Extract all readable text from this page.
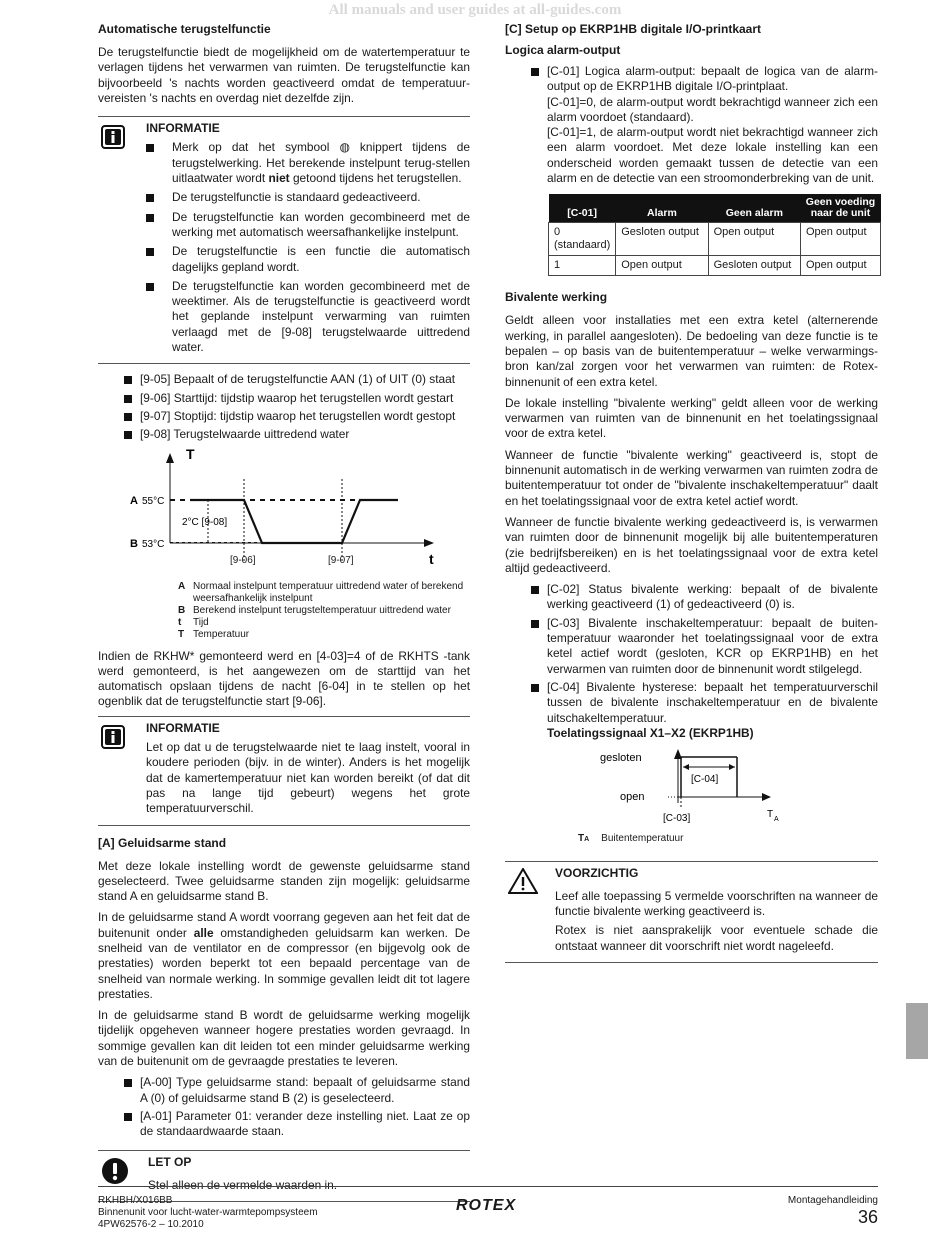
All manuals and user guides at all-guides.com
Automatische terugstelfunctie

De terugstelfunctie biedt de mogelijkheid om de watertemperatuur te verlagen tijdens het verwarmen van ruimten. De terugstelfunctie kan bijvoorbeeld 's nachts worden geactiveerd omdat de temperatuur-vereisten 's nachts en overdag niet dezelfde zijn.

INFORMATIE
Merk op dat het symbool ◍ knippert tijdens de terugstelwerking. Het berekende instelpunt terug-stellen uitlaatwater wordt niet getoond tijdens het terugstellen.
De terugstelfunctie is standaard gedeactiveerd.
De terugstelfunctie kan worden gecombineerd met de werking met automatisch weersafhankelijke instelpunt.
De terugstelfunctie is een functie die automatisch dagelijks gepland wordt.
De terugstelfunctie kan worden gecombineerd met de weektimer. Als de terugstelfunctie is geactiveerd wordt het geplande instelpunt verwarming van ruimten verlaagd met de [9-08] terugstelwaarde uittredend water.
[9-05] Bepaalt of de terugstelfunctie AAN (1) of UIT (0) staat
[9-06] Starttijd: tijdstip waarop het terugstellen wordt gestart
[9-07] Stoptijd: tijdstip waarop het terugstellen wordt gestopt
[9-08] Terugstelwaarde uittredend water
T
t
A 55°C
B 53°C
2°C [9-08]
[9-06]	[9-07]
A Normaal instelpunt temperatuur uittredend water of berekend weersafhankelijk instelpunt
B Berekend instelpunt terugsteltemperatuur uittredend water
t	Tijd
T Temperatuur

Indien de RKHW* gemonteerd werd en [4-03]=4 of de RKHTS -tank werd gemonteerd, is het aangewezen om de starttijd van het automatisch opslaan tijdens de nacht [6-04] in te stellen op het ogenblik dat de terugstelfunctie start [9-06].

INFORMATIE

Let op dat u de terugstelwaarde niet te laag instelt, vooral in koudere perioden (bijv. in de winter). Anders is het mogelijk dat de kamertemperatuur niet kan worden bereikt (of dat dit pas na lange tijd gebeurt) wegens het grote temperatuurverschil.

[A] Geluidsarme stand

Met deze lokale instelling wordt de gewenste geluidsarme stand geselecteerd. Twee geluidsarme standen zijn mogelijk: geluidsarme stand A en geluidsarme stand B.

In de geluidsarme stand A wordt voorrang gegeven aan het feit dat de buitenunit onder alle omstandigheden geluidsarm kan werken. De snelheid van de ventilator en de compressor (en bijgevolg ook de prestaties) worden beperkt tot een bepaald percentage van de snelheid van normale werking. In sommige gevallen leidt dit tot lagere prestaties.

In de geluidsarme stand B wordt de geluidsarme werking mogelijk tijdelijk opgeheven wanneer hogere prestaties worden gevraagd. In sommige gevallen kan dit leiden tot een minder geluidsarme werking van de buitenunit om de gevraagde prestaties te leveren.

[A-00] Type geluidsarme stand: bepaalt of geluidsarme stand A (0) of geluidsarme stand B (2) is geselecteerd.
[A-01] Parameter 01: verander deze instelling niet. Laat ze op de standaardwaarde staan.
LET OP

Stel alleen de vermelde waarden in.

[C] Setup op EKRP1HB digitale I/O-printkaart
Logica alarm-output
[C-01] Logica alarm-output: bepaalt de logica van de alarm-output op de EKRP1HB digitale I/O-printplaat.

[C-01]=0, de alarm-output wordt bekrachtigd wanneer zich een alarm voordoet (standaard).

[C-01]=1, de alarm-output wordt niet bekrachtigd wanneer zich een alarm voordoet. Met deze lokale instelling kan een onderscheid worden gemaakt tussen de detectie van een alarm en de detectie van een stroomonderbreking van de unit.

[C-01]	Alarm	Geen alarm	Geen voeding naar de unit
0 (standaard)	Gesloten output	Open output	Open output
1	Open output	Gesloten output	Open output
Bivalente werking

Geldt alleen voor installaties met een extra ketel (alternerende werking, in parallel aangesloten). De bedoeling van deze functie is te bepalen – op basis van de buitentemperatuur – welke verwarmings-bron kan/zal zorgen voor het verwarmen van ruimten: de Rotex-binnenunit of een extra ketel.

De lokale instelling "bivalente werking" geldt alleen voor de werking verwarmen van ruimten van de binnenunit en het toelatingssignaal voor de extra ketel.

Wanneer de functie "bivalente werking" geactiveerd is, stopt de binnenunit automatisch in de werking verwarmen van ruimten zodra de buitentemperatuur tot onder de "bivalente inschakeltemperatuur" daalt en het toelatingssignaal voor de extra ketel actief wordt.

Wanneer de functie bivalente werking gedeactiveerd is, is verwarmen van ruimten door de binnenunit mogelijk bij alle buitentemperaturen (zie bedrijfsbereiken) en is het toelatingssignaal voor de extra ketel altijd gedeactiveerd.

[C-02] Status bivalente werking: bepaalt of de bivalente werking geactiveerd (1) of gedeactiveerd (0) is.
[C-03] Bivalente inschakeltemperatuur: bepaalt de buiten-temperatuur waaronder het toelatingssignaal voor de extra ketel actief wordt (gesloten, KCR op EKRP1HB) en het verwarmen van ruimten door de binnenunit wordt stilgelegd.
[C-04] Bivalente hysterese: bepaalt het temperatuurverschil tussen de bivalente inschakeltemperatuur en de bivalente uitschakeltemperatuur.
Toelatingssignaal X1–X2 (EKRP1HB)
gesloten
open
[C-04]
[C-03]	T A
TA Buitentemperatuur
VOORZICHTIG

Leef alle toepassing 5 vermelde voorschriften na wanneer de functie bivalente werking geactiveerd is.

Rotex is niet aansprakelijk voor eventuele schade die ontstaat wanneer dit voorschrift niet wordt nageleefd.

RKHBH/X016BB
Binnenunit voor lucht-water-warmtepompsysteem
4PW62576-2 – 10.2010
ROTEX	Montagehandleiding
36
